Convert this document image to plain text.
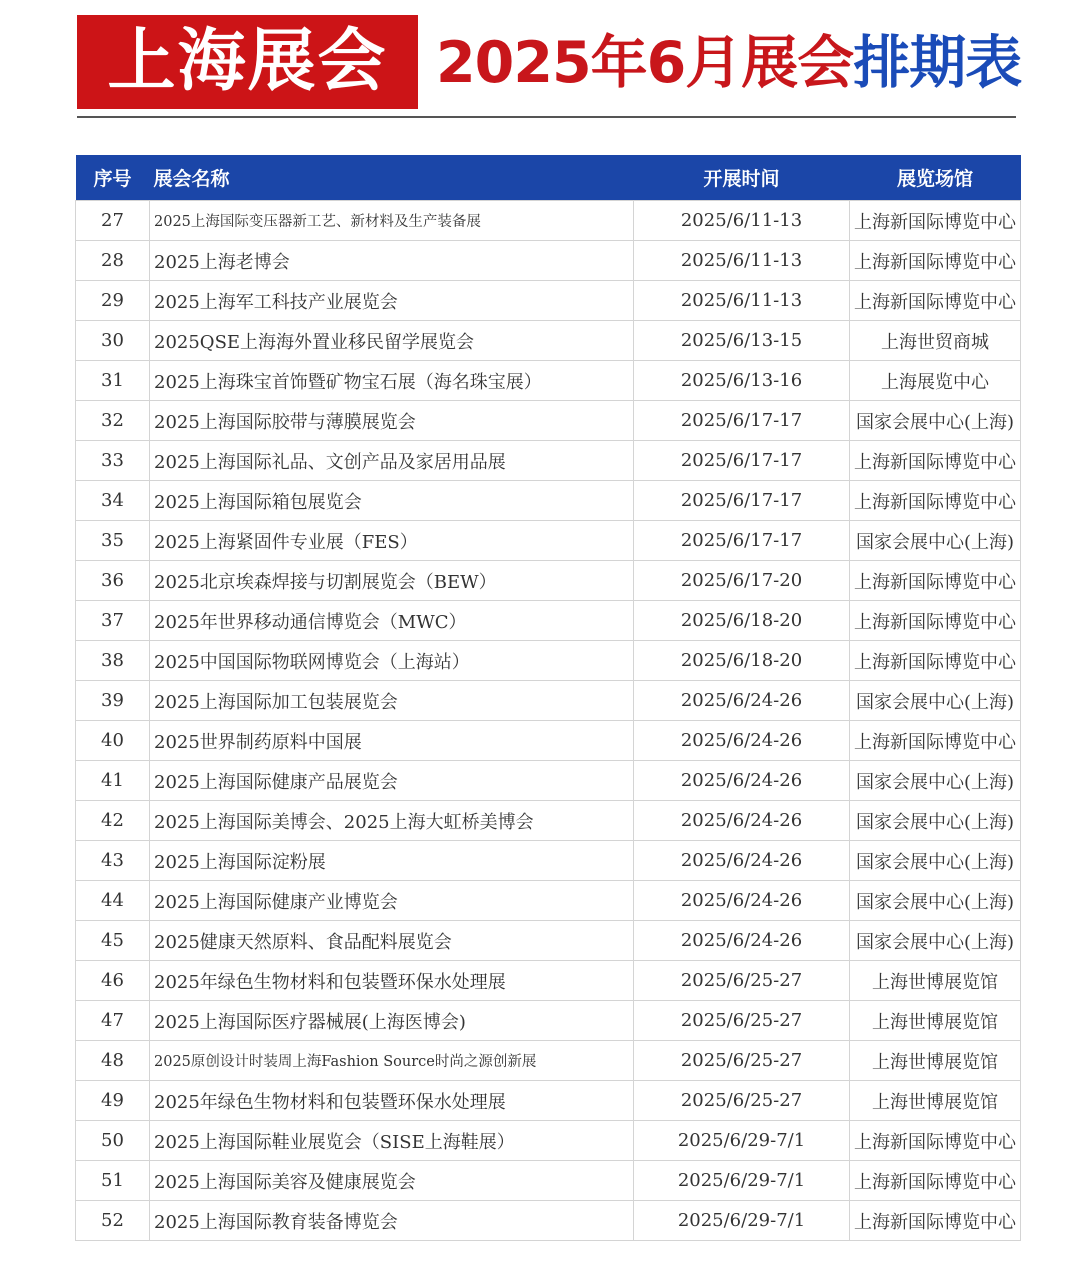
上海展会 2025年6月展会 排期表
序号	展会名称	开展时间	展览场馆
27	2025上海国际变压器新工艺、新材料及生产装备展	2025/6/11-13	上海新国际博览中心
28	2025上海老博会	2025/6/11-13	上海新国际博览中心
29	2025上海军工科技产业展览会	2025/6/11-13	上海新国际博览中心
30	2025QSE上海海外置业移民留学展览会	2025/6/13-15	上海世贸商城
31	2025上海珠宝首饰暨矿物宝石展（海名珠宝展）	2025/6/13-16	上海展览中心
32	2025上海国际胶带与薄膜展览会	2025/6/17-17	国家会展中心(上海)
33	2025上海国际礼品、文创产品及家居用品展	2025/6/17-17	上海新国际博览中心
34	2025上海国际箱包展览会	2025/6/17-17	上海新国际博览中心
35	2025上海紧固件专业展（FES）	2025/6/17-17	国家会展中心(上海)
36	2025北京埃森焊接与切割展览会（BEW）	2025/6/17-20	上海新国际博览中心
37	2025年世界移动通信博览会（MWC）	2025/6/18-20	上海新国际博览中心
38	2025中国国际物联网博览会（上海站）	2025/6/18-20	上海新国际博览中心
39	2025上海国际加工包装展览会	2025/6/24-26	国家会展中心(上海)
40	2025世界制药原料中国展	2025/6/24-26	上海新国际博览中心
41	2025上海国际健康产品展览会	2025/6/24-26	国家会展中心(上海)
42	2025上海国际美博会、2025上海大虹桥美博会	2025/6/24-26	国家会展中心(上海)
43	2025上海国际淀粉展	2025/6/24-26	国家会展中心(上海)
44	2025上海国际健康产业博览会	2025/6/24-26	国家会展中心(上海)
45	2025健康天然原料、食品配料展览会	2025/6/24-26	国家会展中心(上海)
46	2025年绿色生物材料和包装暨环保水处理展	2025/6/25-27	上海世博展览馆
47	2025上海国际医疗器械展(上海医博会)	2025/6/25-27	上海世博展览馆
48	2025原创设计时装周上海Fashion Source时尚之源创新展	2025/6/25-27	上海世博展览馆
49	2025年绿色生物材料和包装暨环保水处理展	2025/6/25-27	上海世博展览馆
50	2025上海国际鞋业展览会（SISE上海鞋展）	2025/6/29-7/1	上海新国际博览中心
51	2025上海国际美容及健康展览会	2025/6/29-7/1	上海新国际博览中心
52	2025上海国际教育装备博览会	2025/6/29-7/1	上海新国际博览中心
